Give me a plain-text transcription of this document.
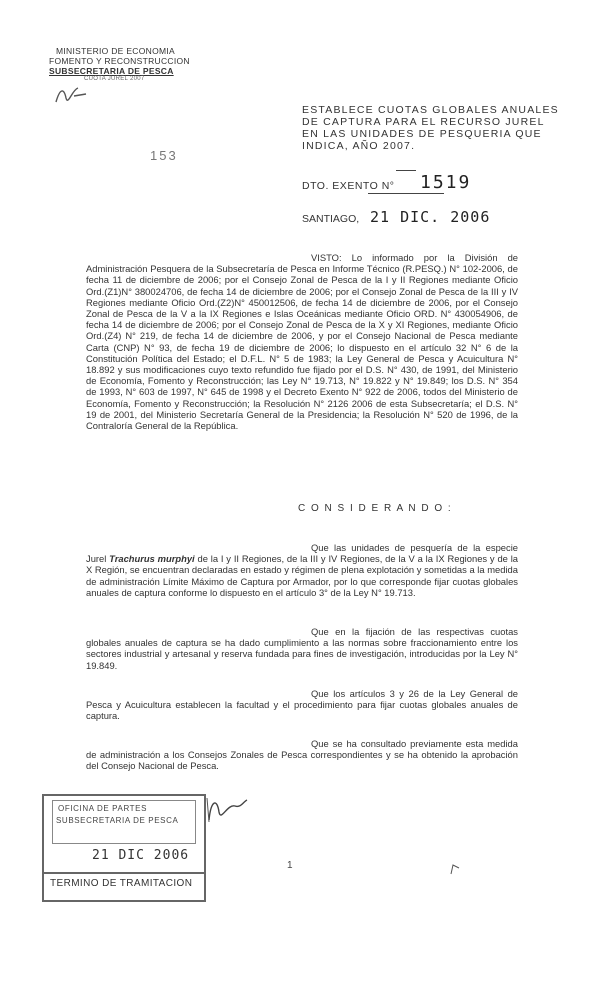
MINISTERIO DE ECONOMIA
FOMENTO Y RECONSTRUCCION
SUBSECRETARIA DE PESCA
CUOTA JUREL 2007
ESTABLECE CUOTAS GLOBALES ANUALES
DE CAPTURA PARA EL RECURSO JUREL
EN LAS UNIDADES DE PESQUERIA QUE
INDICA, AÑO 2007.
153
DTO. EXENTO N° 1519
SANTIAGO, 21 DIC. 2006

VISTO: Lo informado por la División de Administración Pesquera de la Subsecretaría de Pesca en Informe Técnico (R.PESQ.) N° 102-2006, de fecha 11 de diciembre de 2006; por el Consejo Zonal de Pesca de la I y II Regiones mediante Oficio Ord.(Z1)N° 380024706, de fecha 14 de diciembre de 2006; por el Consejo Zonal de Pesca de la III y IV Regiones mediante Oficio Ord.(Z2)N° 450012506, de fecha 14 de diciembre de 2006, por el Consejo Zonal de Pesca de la V a la IX Regiones e Islas Oceánicas mediante Oficio ORD. N° 430054906, de fecha 14 de diciembre de 2006; por el Consejo Zonal de Pesca de la X y XI Regiones, mediante Oficio Ord.(Z4) N° 219, de fecha 14 de diciembre de 2006, y por el Consejo Nacional de Pesca mediante Carta (CNP) N° 93, de fecha 19 de diciembre de 2006; lo dispuesto en el artículo 32 N° 6 de la Constitución Política del Estado; el D.F.L. N° 5 de 1983; la Ley General de Pesca y Acuicultura N° 18.892 y sus modificaciones cuyo texto refundido fue fijado por el D.S. N° 430, de 1991, del Ministerio de Economía, Fomento y Reconstrucción; las Ley N° 19.713, N° 19.822 y N° 19.849; los D.S. N° 354 de 1993, N° 603 de 1997, N° 645 de 1998 y el Decreto Exento N° 922 de 2006, todos del Ministerio de Economía, Fomento y Reconstrucción; la Resolución N° 2126 2006 de esta Subsecretaría; el D.S. N° 19 de 2001, del Ministerio Secretaría General de la Presidencia; la Resolución N° 520 de 1996, de la Contraloría General de la República.

C O N S I D E R A N D O :

Que las unidades de pesquería de la especie Jurel Trachurus murphyi de la I y II Regiones, de la III y IV Regiones, de la V a la IX Regiones y de la X Región, se encuentran declaradas en estado y régimen de plena explotación y sometidas a la medida de administración Límite Máximo de Captura por Armador, por lo que corresponde fijar cuotas globales anuales de captura conforme lo dispuesto en el artículo 3° de la Ley N° 19.713.

Que en la fijación de las respectivas cuotas globales anuales de captura se ha dado cumplimiento a las normas sobre fraccionamiento entre los sectores industrial y artesanal y reserva fundada para fines de investigación, introducidas por la Ley N° 19.849.

Que los artículos 3 y 26 de la Ley General de Pesca y Acuicultura establecen la facultad y el procedimiento para fijar cuotas globales anuales de captura.

Que se ha consultado previamente esta medida de administración a los Consejos Zonales de Pesca correspondientes y se ha obtenido la aprobación del Consejo Nacional de Pesca.

OFICINA DE PARTES
SUBSECRETARIA DE PESCA
21 DIC 2006
TERMINO DE TRAMITACION
1
